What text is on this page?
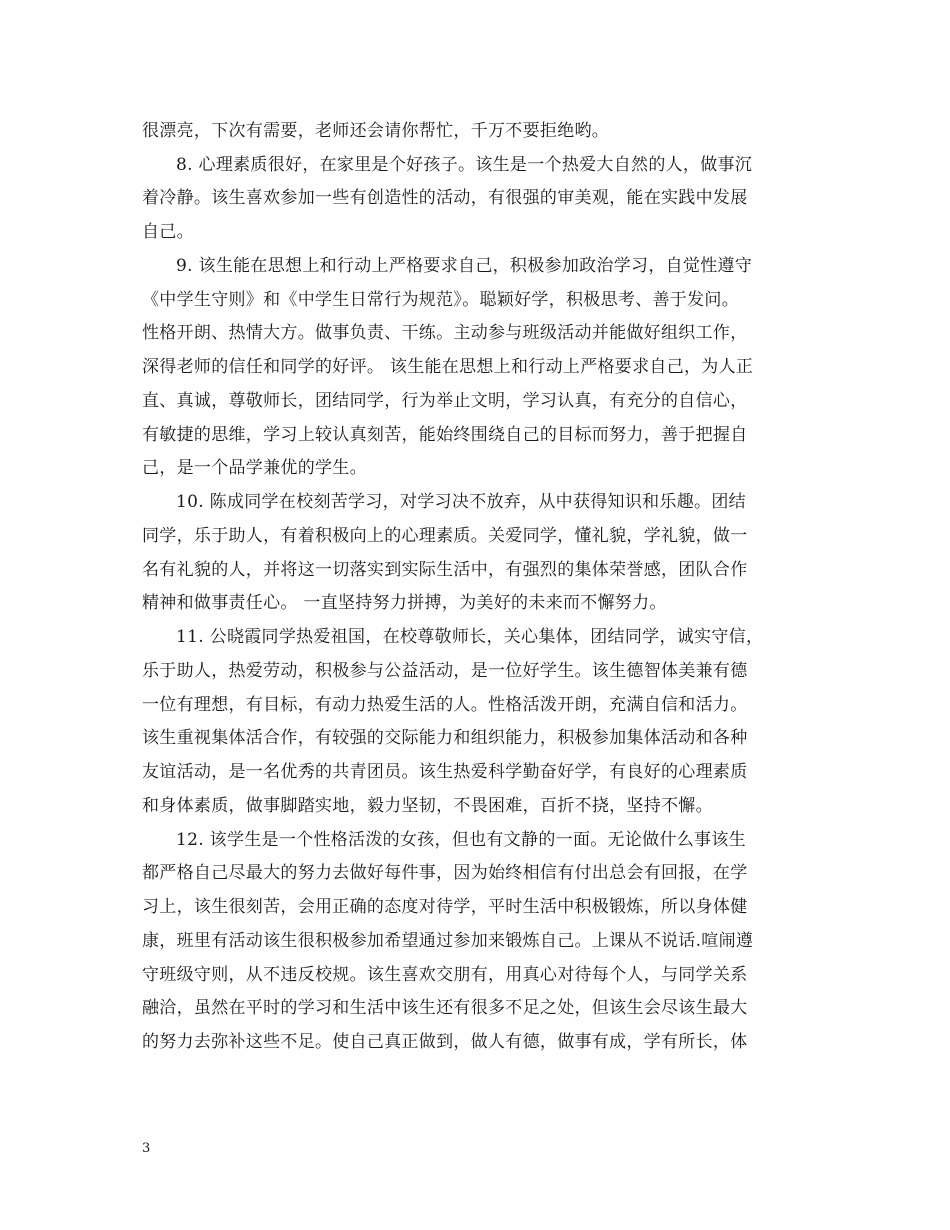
很漂亮，下次有需要，老师还会请你帮忙，千万不要拒绝哟。
8. 心理素质很好，在家里是个好孩子。该生是一个热爱大自然的人，做事沉
着冷静。该生喜欢参加一些有创造性的活动，有很强的审美观，能在实践中发展
自己。
9. 该生能在思想上和行动上严格要求自己，积极参加政治学习，自觉性遵守
《中学生守则》和《中学生日常行为规范》。聪颖好学，积极思考、善于发问。
性格开朗、热情大方。做事负责、干练。主动参与班级活动并能做好组织工作，
深得老师的信任和同学的好评。 该生能在思想上和行动上严格要求自己，为人正
直、真诚，尊敬师长，团结同学，行为举止文明，学习认真，有充分的自信心，
有敏捷的思维，学习上较认真刻苦，能始终围绕自己的目标而努力，善于把握自
己，是一个品学兼优的学生。
10. 陈成同学在校刻苦学习，对学习决不放弃，从中获得知识和乐趣。团结
同学，乐于助人，有着积极向上的心理素质。关爱同学，懂礼貌，学礼貌，做一
名有礼貌的人，并将这一切落实到实际生活中，有强烈的集体荣誉感，团队合作
精神和做事责任心。 一直坚持努力拼搏，为美好的未来而不懈努力。
11. 公晓霞同学热爱祖国，在校尊敬师长，关心集体，团结同学，诚实守信，
乐于助人，热爱劳动，积极参与公益活动，是一位好学生。该生德智体美兼有德
一位有理想，有目标，有动力热爱生活的人。性格活泼开朗，充满自信和活力。
该生重视集体活合作，有较强的交际能力和组织能力，积极参加集体活动和各种
友谊活动，是一名优秀的共青团员。该生热爱科学勤奋好学，有良好的心理素质
和身体素质，做事脚踏实地，毅力坚韧，不畏困难，百折不挠，坚持不懈。
12. 该学生是一个性格活泼的女孩，但也有文静的一面。无论做什么事该生
都严格自己尽最大的努力去做好每件事，因为始终相信有付出总会有回报，在学
习上，该生很刻苦，会用正确的态度对待学，平时生活中积极锻炼，所以身体健
康，班里有活动该生很积极参加希望通过参加来锻炼自己。上课从不说话.喧闹遵
守班级守则，从不违反校规。该生喜欢交朋有，用真心对待每个人，与同学关系
融洽，虽然在平时的学习和生活中该生还有很多不足之处，但该生会尽该生最大
的努力去弥补这些不足。使自己真正做到，做人有德，做事有成，学有所长，体
3
